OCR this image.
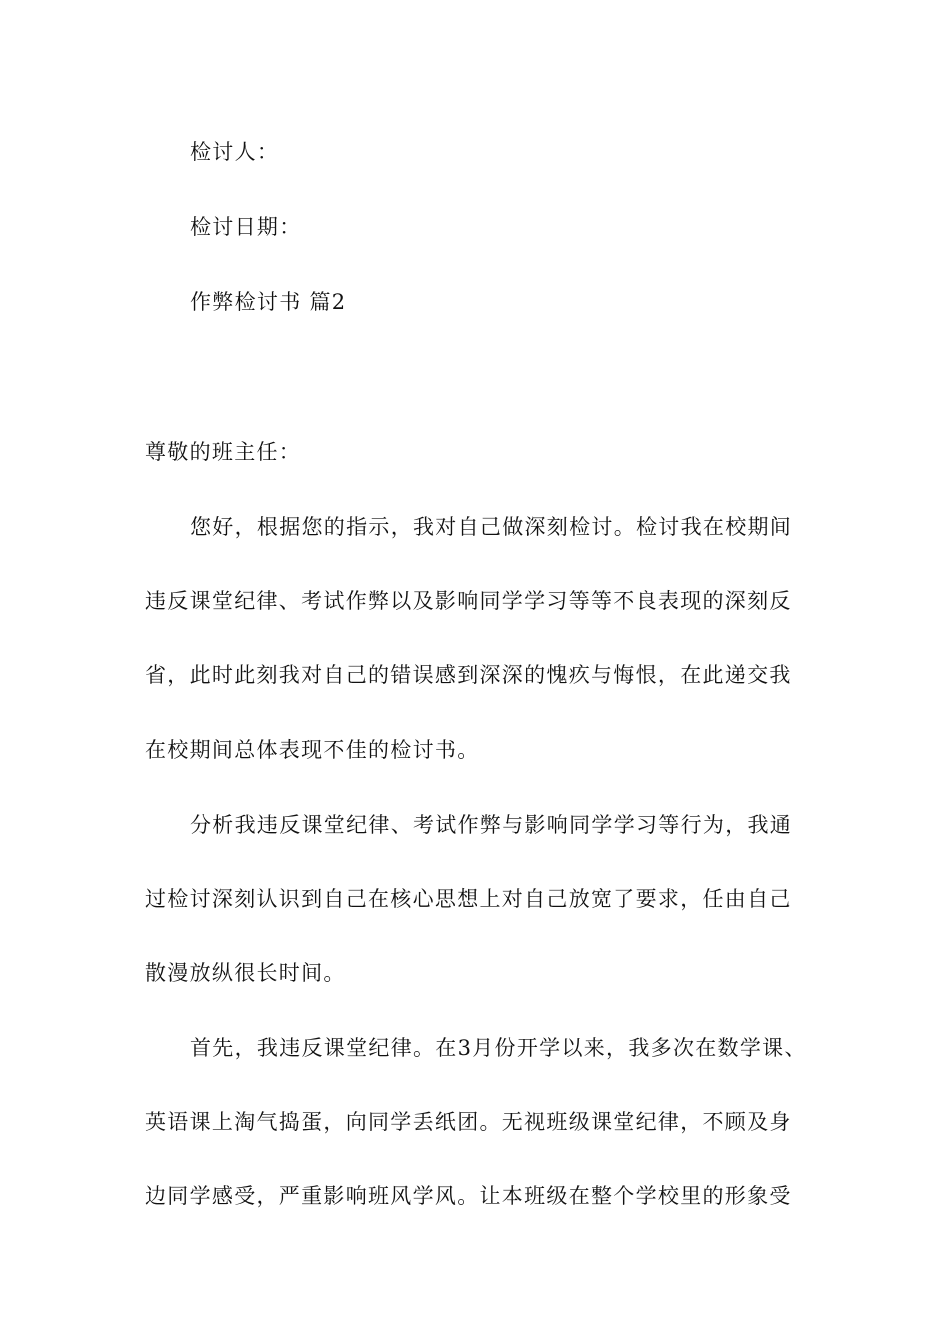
检讨人：
检讨日期：
作弊检讨书 篇2
尊敬的班主任：
您好，根据您的指示，我对自己做深刻检讨。检讨我在校期间
违反课堂纪律、考试作弊以及影响同学学习等等不良表现的深刻反
省，此时此刻我对自己的错误感到深深的愧疚与悔恨，在此递交我
在校期间总体表现不佳的检讨书。
分析我违反课堂纪律、考试作弊与影响同学学习等行为，我通
过检讨深刻认识到自己在核心思想上对自己放宽了要求，任由自己
散漫放纵很长时间。
首先，我违反课堂纪律。在3月份开学以来，我多次在数学课、
英语课上淘气捣蛋，向同学丢纸团。无视班级课堂纪律，不顾及身
边同学感受，严重影响班风学风。让本班级在整个学校里的形象受
